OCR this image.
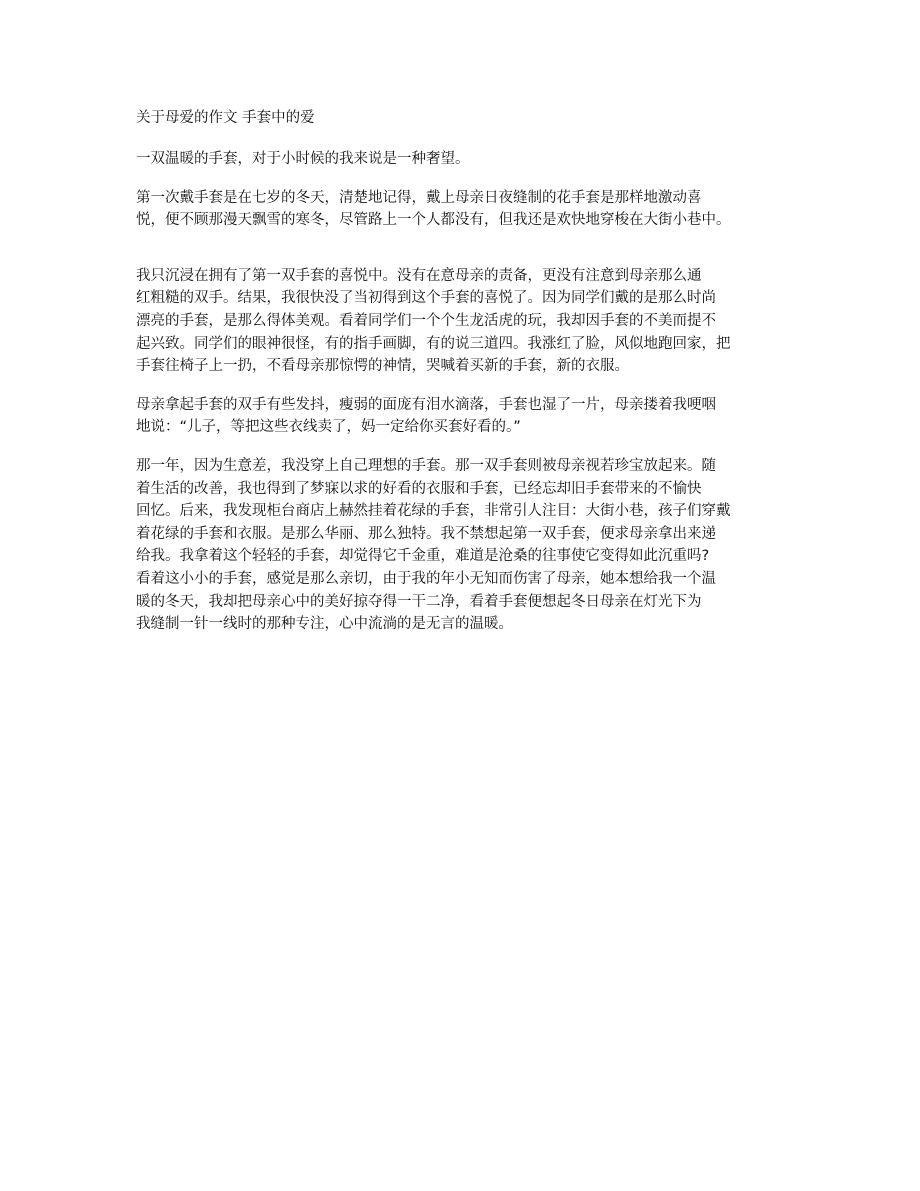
关于母爱的作文 手套中的爱
一双温暖的手套，对于小时候的我来说是一种奢望。
第一次戴手套是在七岁的冬天，清楚地记得，戴上母亲日夜缝制的花手套是那样地激动喜
悦，便不顾那漫天飘雪的寒冬，尽管路上一个人都没有，但我还是欢快地穿梭在大街小巷中。
我只沉浸在拥有了第一双手套的喜悦中。没有在意母亲的责备，更没有注意到母亲那么通
红粗糙的双手。结果，我很快没了当初得到这个手套的喜悦了。因为同学们戴的是那么时尚
漂亮的手套，是那么得体美观。看着同学们一个个生龙活虎的玩，我却因手套的不美而提不
起兴致。同学们的眼神很怪，有的指手画脚，有的说三道四。我涨红了脸，风似地跑回家，把
手套往椅子上一扔，不看母亲那惊愕的神情，哭喊着买新的手套，新的衣服。
母亲拿起手套的双手有些发抖，瘦弱的面庞有泪水滴落，手套也湿了一片，母亲搂着我哽咽
地说：“儿子，等把这些衣线卖了，妈一定给你买套好看的。”
那一年，因为生意差，我没穿上自己理想的手套。那一双手套则被母亲视若珍宝放起来。随
着生活的改善，我也得到了梦寐以求的好看的衣服和手套，已经忘却旧手套带来的不愉快
回忆。后来，我发现柜台商店上赫然挂着花绿的手套，非常引人注目：大街小巷，孩子们穿戴
着花绿的手套和衣服。是那么华丽、那么独特。我不禁想起第一双手套，便求母亲拿出来递
给我。我拿着这个轻轻的手套，却觉得它千金重，难道是沧桑的往事使它变得如此沉重吗?
看着这小小的手套，感觉是那么亲切，由于我的年小无知而伤害了母亲，她本想给我一个温
暖的冬天，我却把母亲心中的美好掠夺得一干二净，看着手套便想起冬日母亲在灯光下为
我缝制一针一线时的那种专注，心中流淌的是无言的温暖。
